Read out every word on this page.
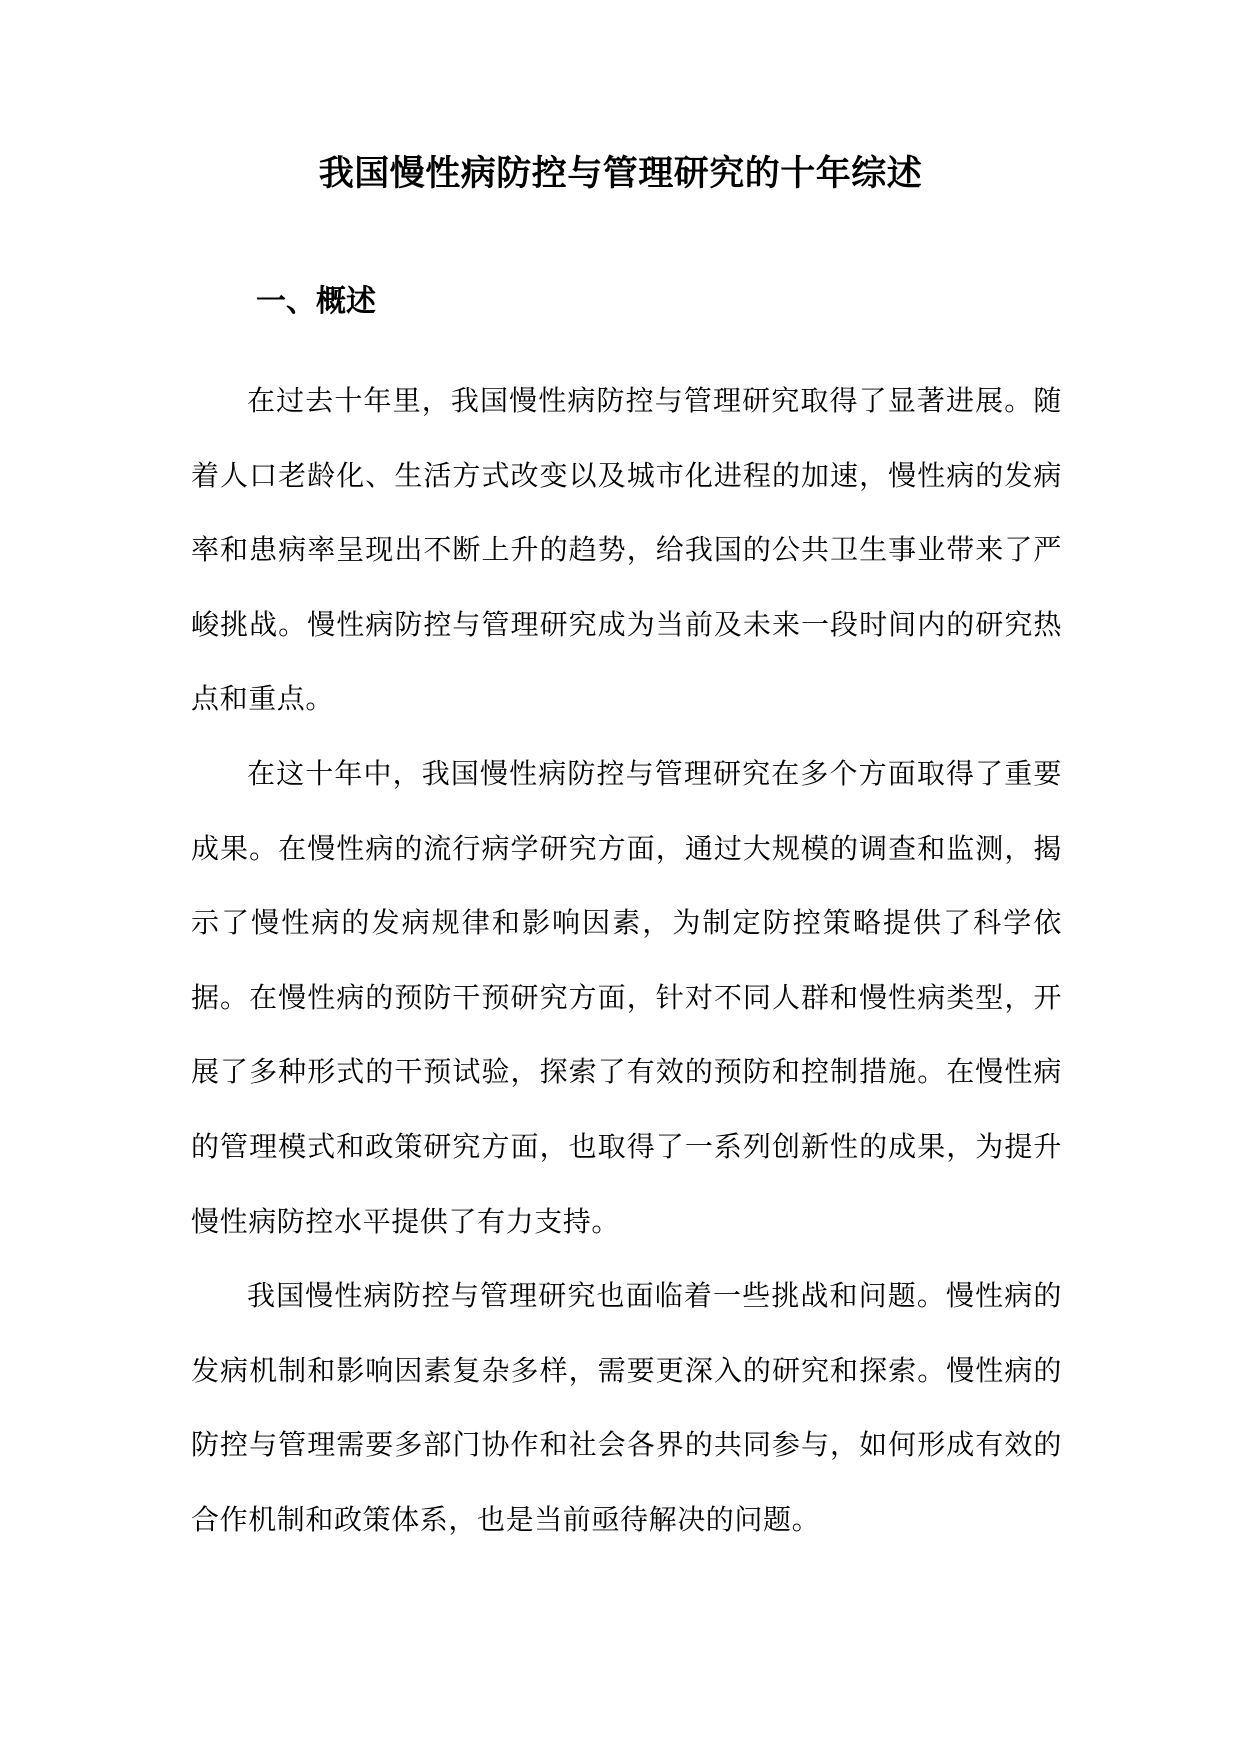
我国慢性病防控与管理研究的十年综述
一、概述

在过去十年里，我国慢性病防控与管理研究取得了显著进展。随着人口老龄化、生活方式改变以及城市化进程的加速，慢性病的发病率和患病率呈现出不断上升的趋势，给我国的公共卫生事业带来了严峻挑战。慢性病防控与管理研究成为当前及未来一段时间内的研究热点和重点。

在这十年中，我国慢性病防控与管理研究在多个方面取得了重要成果。在慢性病的流行病学研究方面，通过大规模的调查和监测，揭示了慢性病的发病规律和影响因素，为制定防控策略提供了科学依据。在慢性病的预防干预研究方面，针对不同人群和慢性病类型，开展了多种形式的干预试验，探索了有效的预防和控制措施。在慢性病的管理模式和政策研究方面，也取得了一系列创新性的成果，为提升慢性病防控水平提供了有力支持。

我国慢性病防控与管理研究也面临着一些挑战和问题。慢性病的发病机制和影响因素复杂多样，需要更深入的研究和探索。慢性病的防控与管理需要多部门协作和社会各界的共同参与，如何形成有效的合作机制和政策体系，也是当前亟待解决的问题。
